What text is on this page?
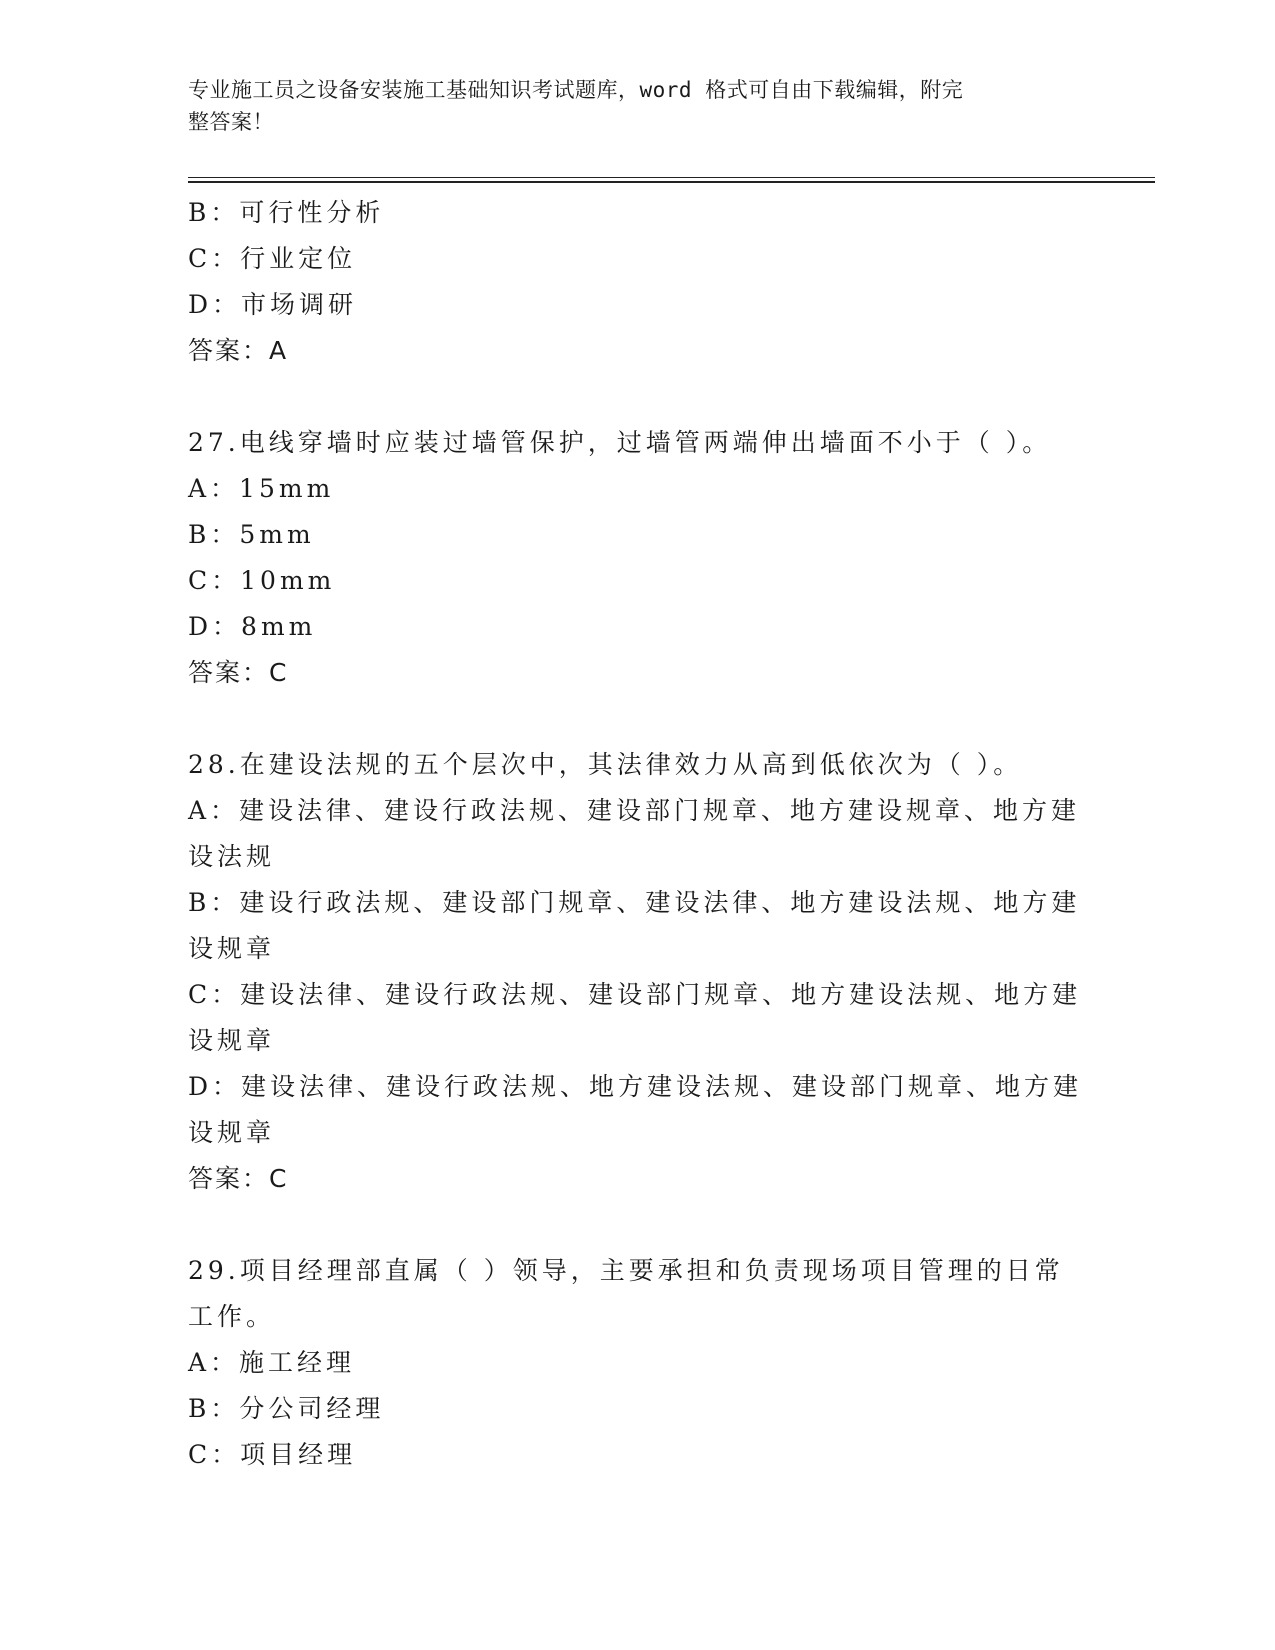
专业施工员之设备安装施工基础知识考试题库，word 格式可自由下载编辑，附完
整答案！
B：可行性分析
C：行业定位
D：市场调研
答案：A
27.电线穿墙时应装过墙管保护，过墙管两端伸出墙面不小于（ ）。
A：15mm
B：5mm
C：10mm
D：8mm
答案：C
28.在建设法规的五个层次中，其法律效力从高到低依次为（ ）。
A：建设法律、建设行政法规、建设部门规章、地方建设规章、地方建
设法规
B：建设行政法规、建设部门规章、建设法律、地方建设法规、地方建
设规章
C：建设法律、建设行政法规、建设部门规章、地方建设法规、地方建
设规章
D：建设法律、建设行政法规、地方建设法规、建设部门规章、地方建
设规章
答案：C
29.项目经理部直属（ ）领导，主要承担和负责现场项目管理的日常
工作。
A：施工经理
B：分公司经理
C：项目经理
